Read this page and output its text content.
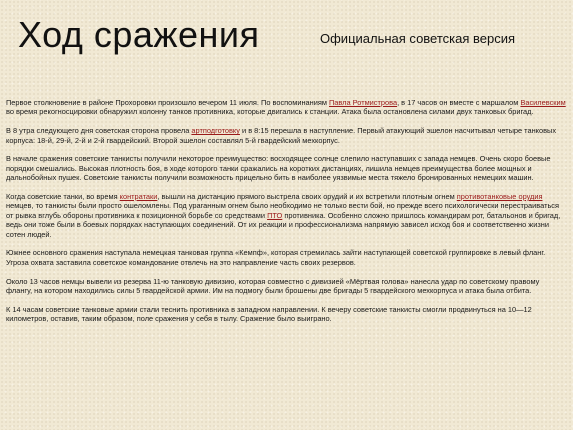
Ход сражения	Официальная советская версия

Первое столкновение в районе Прохоровки произошло вечером 11 июля. По воспоминаниям Павла Ротмистрова, в 17 часов он вместе с маршалом Василевским во время рекогносцировки обнаружил колонну танков противника, которые двигались к станции. Атака была остановлена силами двух танковых бригад.

В 8 утра следующего дня советская сторона провела артподготовку и в 8:15 перешла в наступление. Первый атакующий эшелон насчитывал четыре танковых корпуса: 18-й, 29-й, 2-й и 2-й гвардейский. Второй эшелон составлял 5-й гвардейский мехкорпус.

В начале сражения советские танкисты получили некоторое преимущество: восходящее солнце слепило наступавших с запада немцев. Очень скоро боевые порядки смешались. Высокая плотность боя, в ходе которого танки сражались на коротких дистанциях, лишила немцев преимущества более мощных и дальнобойных пушек. Советские танкисты получили возможность прицельно бить в наиболее уязвимые места тяжело бронированных немецких машин.

Когда советские танки, во время контратаки, вышли на дистанцию прямого выстрела своих орудий и их встретили плотным огнем противотанковые орудия немцев, то танкисты были просто ошеломлены. Под ураганным огнем было необходимо не только вести бой, но прежде всего психологически перестраиваться от рывка вглубь обороны противника к позиционной борьбе со средствами ПТО противника. Особенно сложно пришлось командирам рот, батальонов и бригад, ведь они тоже были в боевых порядках наступающих соединений. От их реакции и профессионализма напрямую зависел исход боя и соответственно жизни сотен людей.

Южнее основного сражения наступала немецкая танковая группа «Кемпф», которая стремилась зайти наступающей советской группировке в левый фланг. Угроза охвата заставила советское командование отвлечь на это направление часть своих резервов.

Около 13 часов немцы вывели из резерва 11-ю танковую дивизию, которая совместно с дивизией «Мёртвая голова» нанесла удар по советскому правому флангу, на котором находились силы 5 гвардейской армии. Им на подмогу были брошены две бригады 5 гвардейского мехкорпуса и атака была отбита.

К 14 часам советские танковые армии стали теснить противника в западном направлении. К вечеру советские танкисты смогли продвинуться на 10—12 километров, оставив, таким образом, поле сражения у себя в тылу. Сражение было выиграно.
